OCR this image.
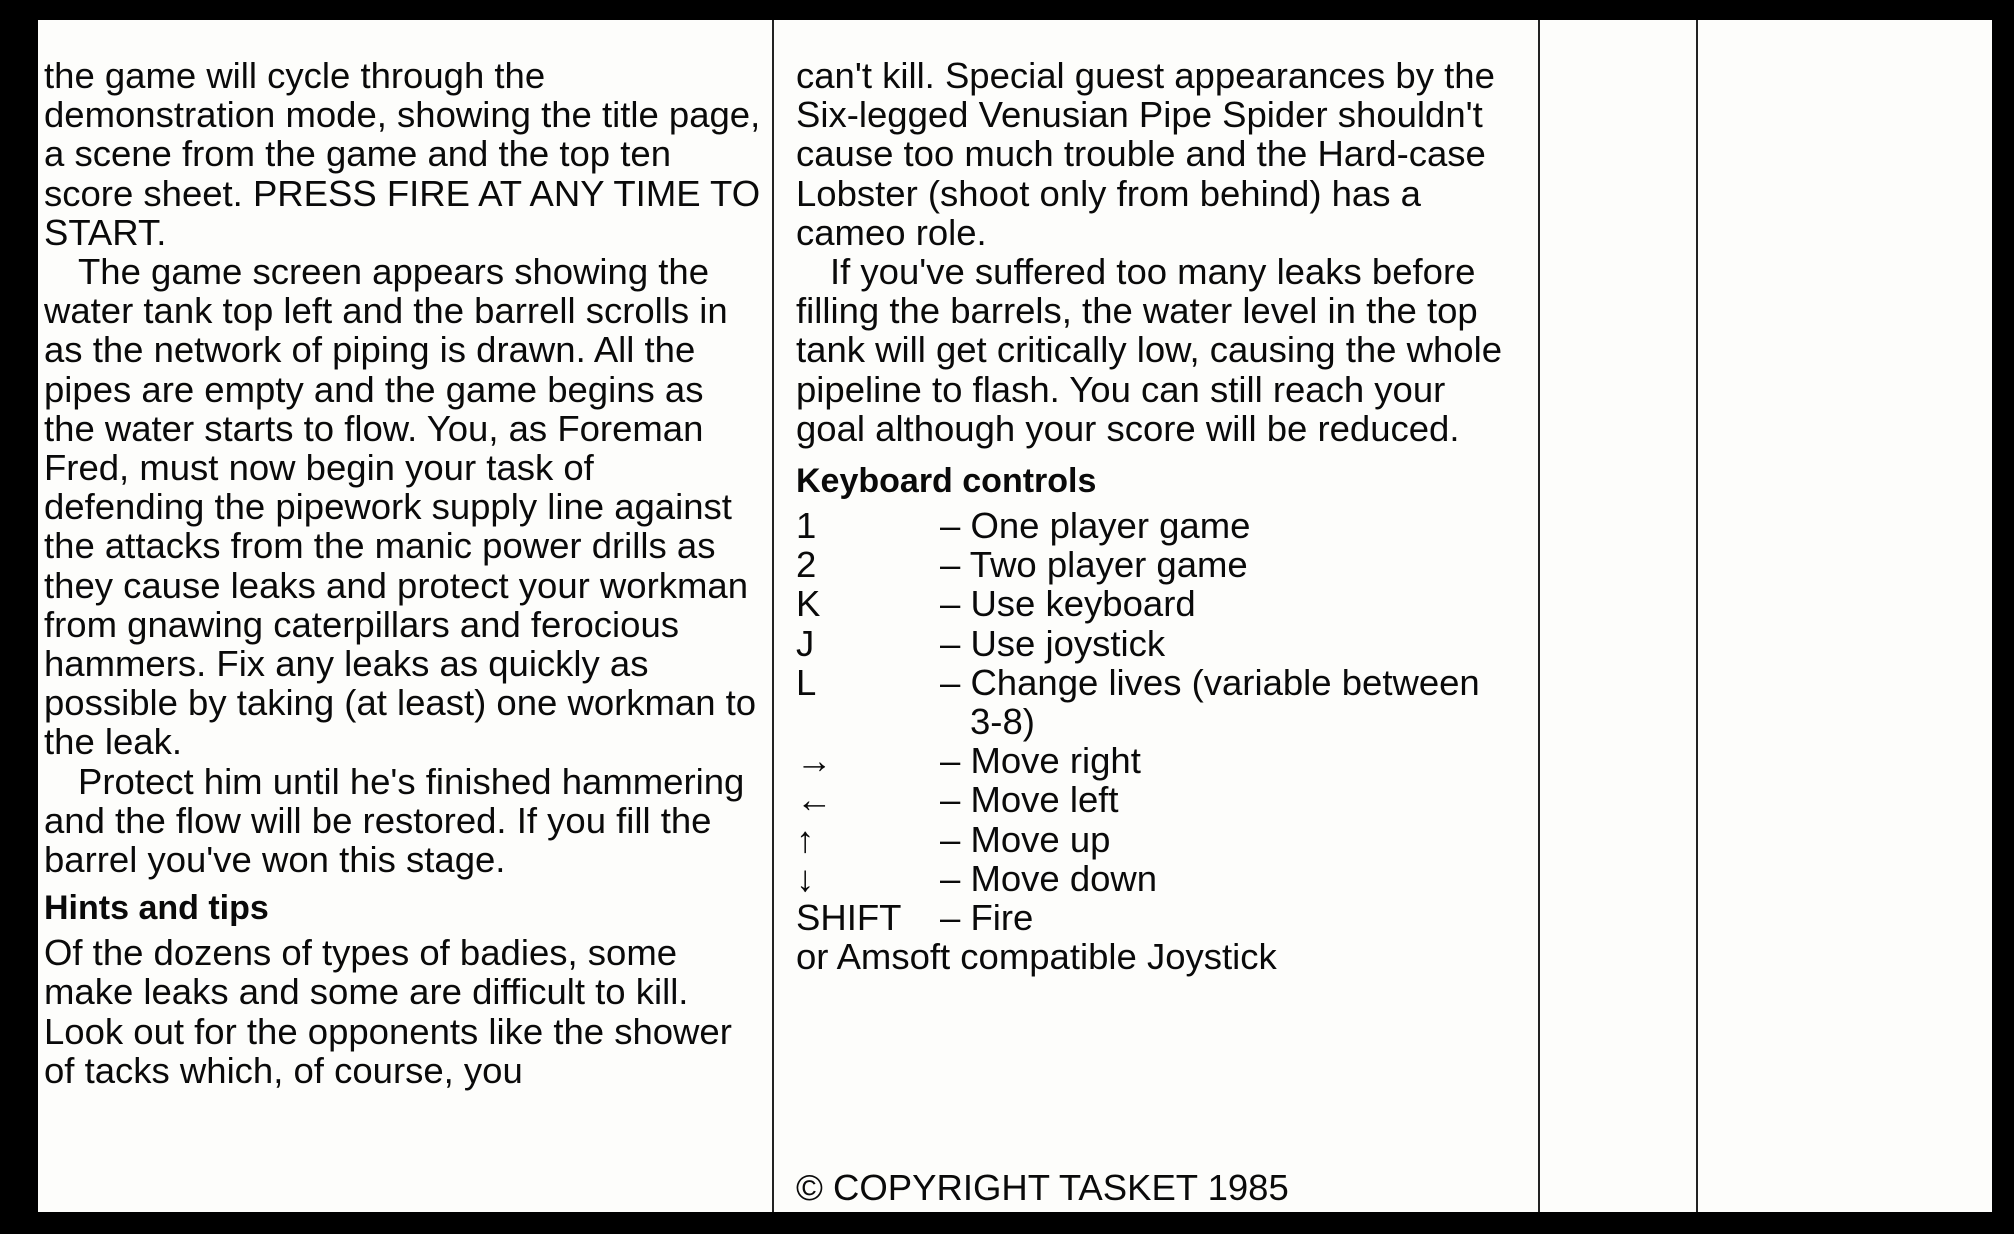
the game will cycle through the demonstration mode, showing the title page, a scene from the game and the top ten score sheet. PRESS FIRE AT ANY TIME TO START.

The game screen appears showing the water tank top left and the barrell scrolls in as the network of piping is drawn. All the pipes are empty and the game begins as the water starts to flow. You, as Foreman Fred, must now begin your task of defending the pipework supply line against the attacks from the manic power drills as they cause leaks and protect your workman from gnawing caterpillars and ferocious hammers. Fix any leaks as quickly as possible by taking (at least) one workman to the leak.

Protect him until he's finished hammering and the flow will be restored. If you fill the barrel you've won this stage.

Hints and tips

Of the dozens of types of badies, some make leaks and some are difficult to kill. Look out for the opponents like the shower of tacks which, of course, you

can't kill. Special guest appearances by the Six-legged Venusian Pipe Spider shouldn't cause too much trouble and the Hard-case Lobster (shoot only from behind) has a cameo role.

If you've suffered too many leaks before filling the barrels, the water level in the top tank will get critically low, causing the whole pipeline to flash. You can still reach your goal although your score will be reduced.

Keyboard controls
1	– One player game
2	– Two player game
K	– Use keyboard
J	– Use joystick
L	– Change lives (variable between 3-8)
→	– Move right
←	– Move left
↑	– Move up
↓	– Move down
SHIFT	– Fire

or Amsoft compatible Joystick

© COPYRIGHT TASKET 1985
